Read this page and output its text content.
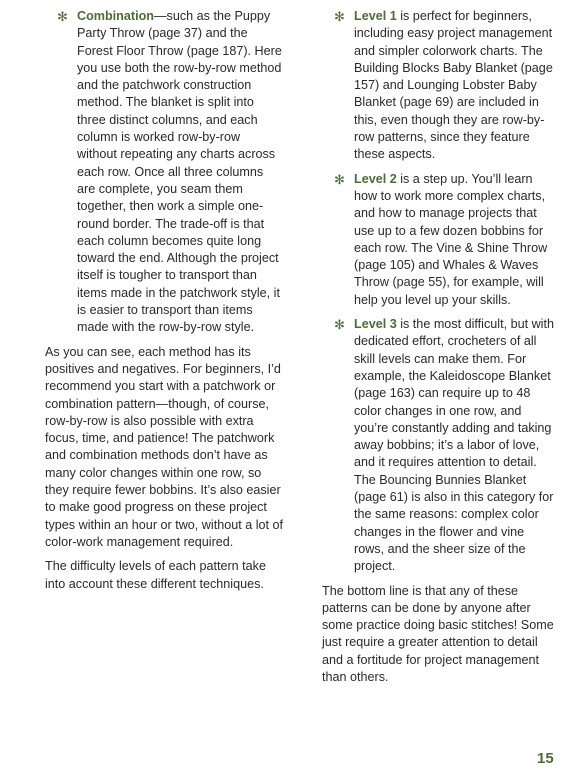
✻ Combination—such as the Puppy Party Throw (page 37) and the Forest Floor Throw (page 187). Here you use both the row-by-row method and the patchwork construction method. The blanket is split into three distinct columns, and each column is worked row-by-row without repeating any charts across each row. Once all three columns are complete, you seam them together, then work a simple one-round border. The trade-off is that each column becomes quite long toward the end. Although the project itself is tougher to transport than items made in the patchwork style, it is easier to transport than items made with the row-by-row style.

As you can see, each method has its positives and negatives. For beginners, I’d recommend you start with a patchwork or combination pattern—though, of course, row-by-row is also possible with extra focus, time, and patience! The patchwork and combination methods don’t have as many color changes within one row, so they require fewer bobbins. It’s also easier to make good progress on these project types within an hour or two, without a lot of color-work management required.

The difficulty levels of each pattern take into account these different techniques.

✻ Level 1 is perfect for beginners, including easy project management and simpler colorwork charts. The Building Blocks Baby Blanket (page 157) and Lounging Lobster Baby Blanket (page 69) are included in this, even though they are row-by-row patterns, since they feature these aspects.

✻ Level 2 is a step up. You’ll learn how to work more complex charts, and how to manage projects that use up to a few dozen bobbins for each row. The Vine & Shine Throw (page 105) and Whales & Waves Throw (page 55), for example, will help you level up your skills.

✻ Level 3 is the most difficult, but with dedicated effort, crocheters of all skill levels can make them. For example, the Kaleidoscope Blanket (page 163) can require up to 48 color changes in one row, and you’re constantly adding and taking away bobbins; it’s a labor of love, and it requires attention to detail. The Bouncing Bunnies Blanket (page 61) is also in this category for the same reasons: complex color changes in the flower and vine rows, and the sheer size of the project.

The bottom line is that any of these patterns can be done by anyone after some practice doing basic stitches! Some just require a greater attention to detail and a fortitude for project management than others.

15
